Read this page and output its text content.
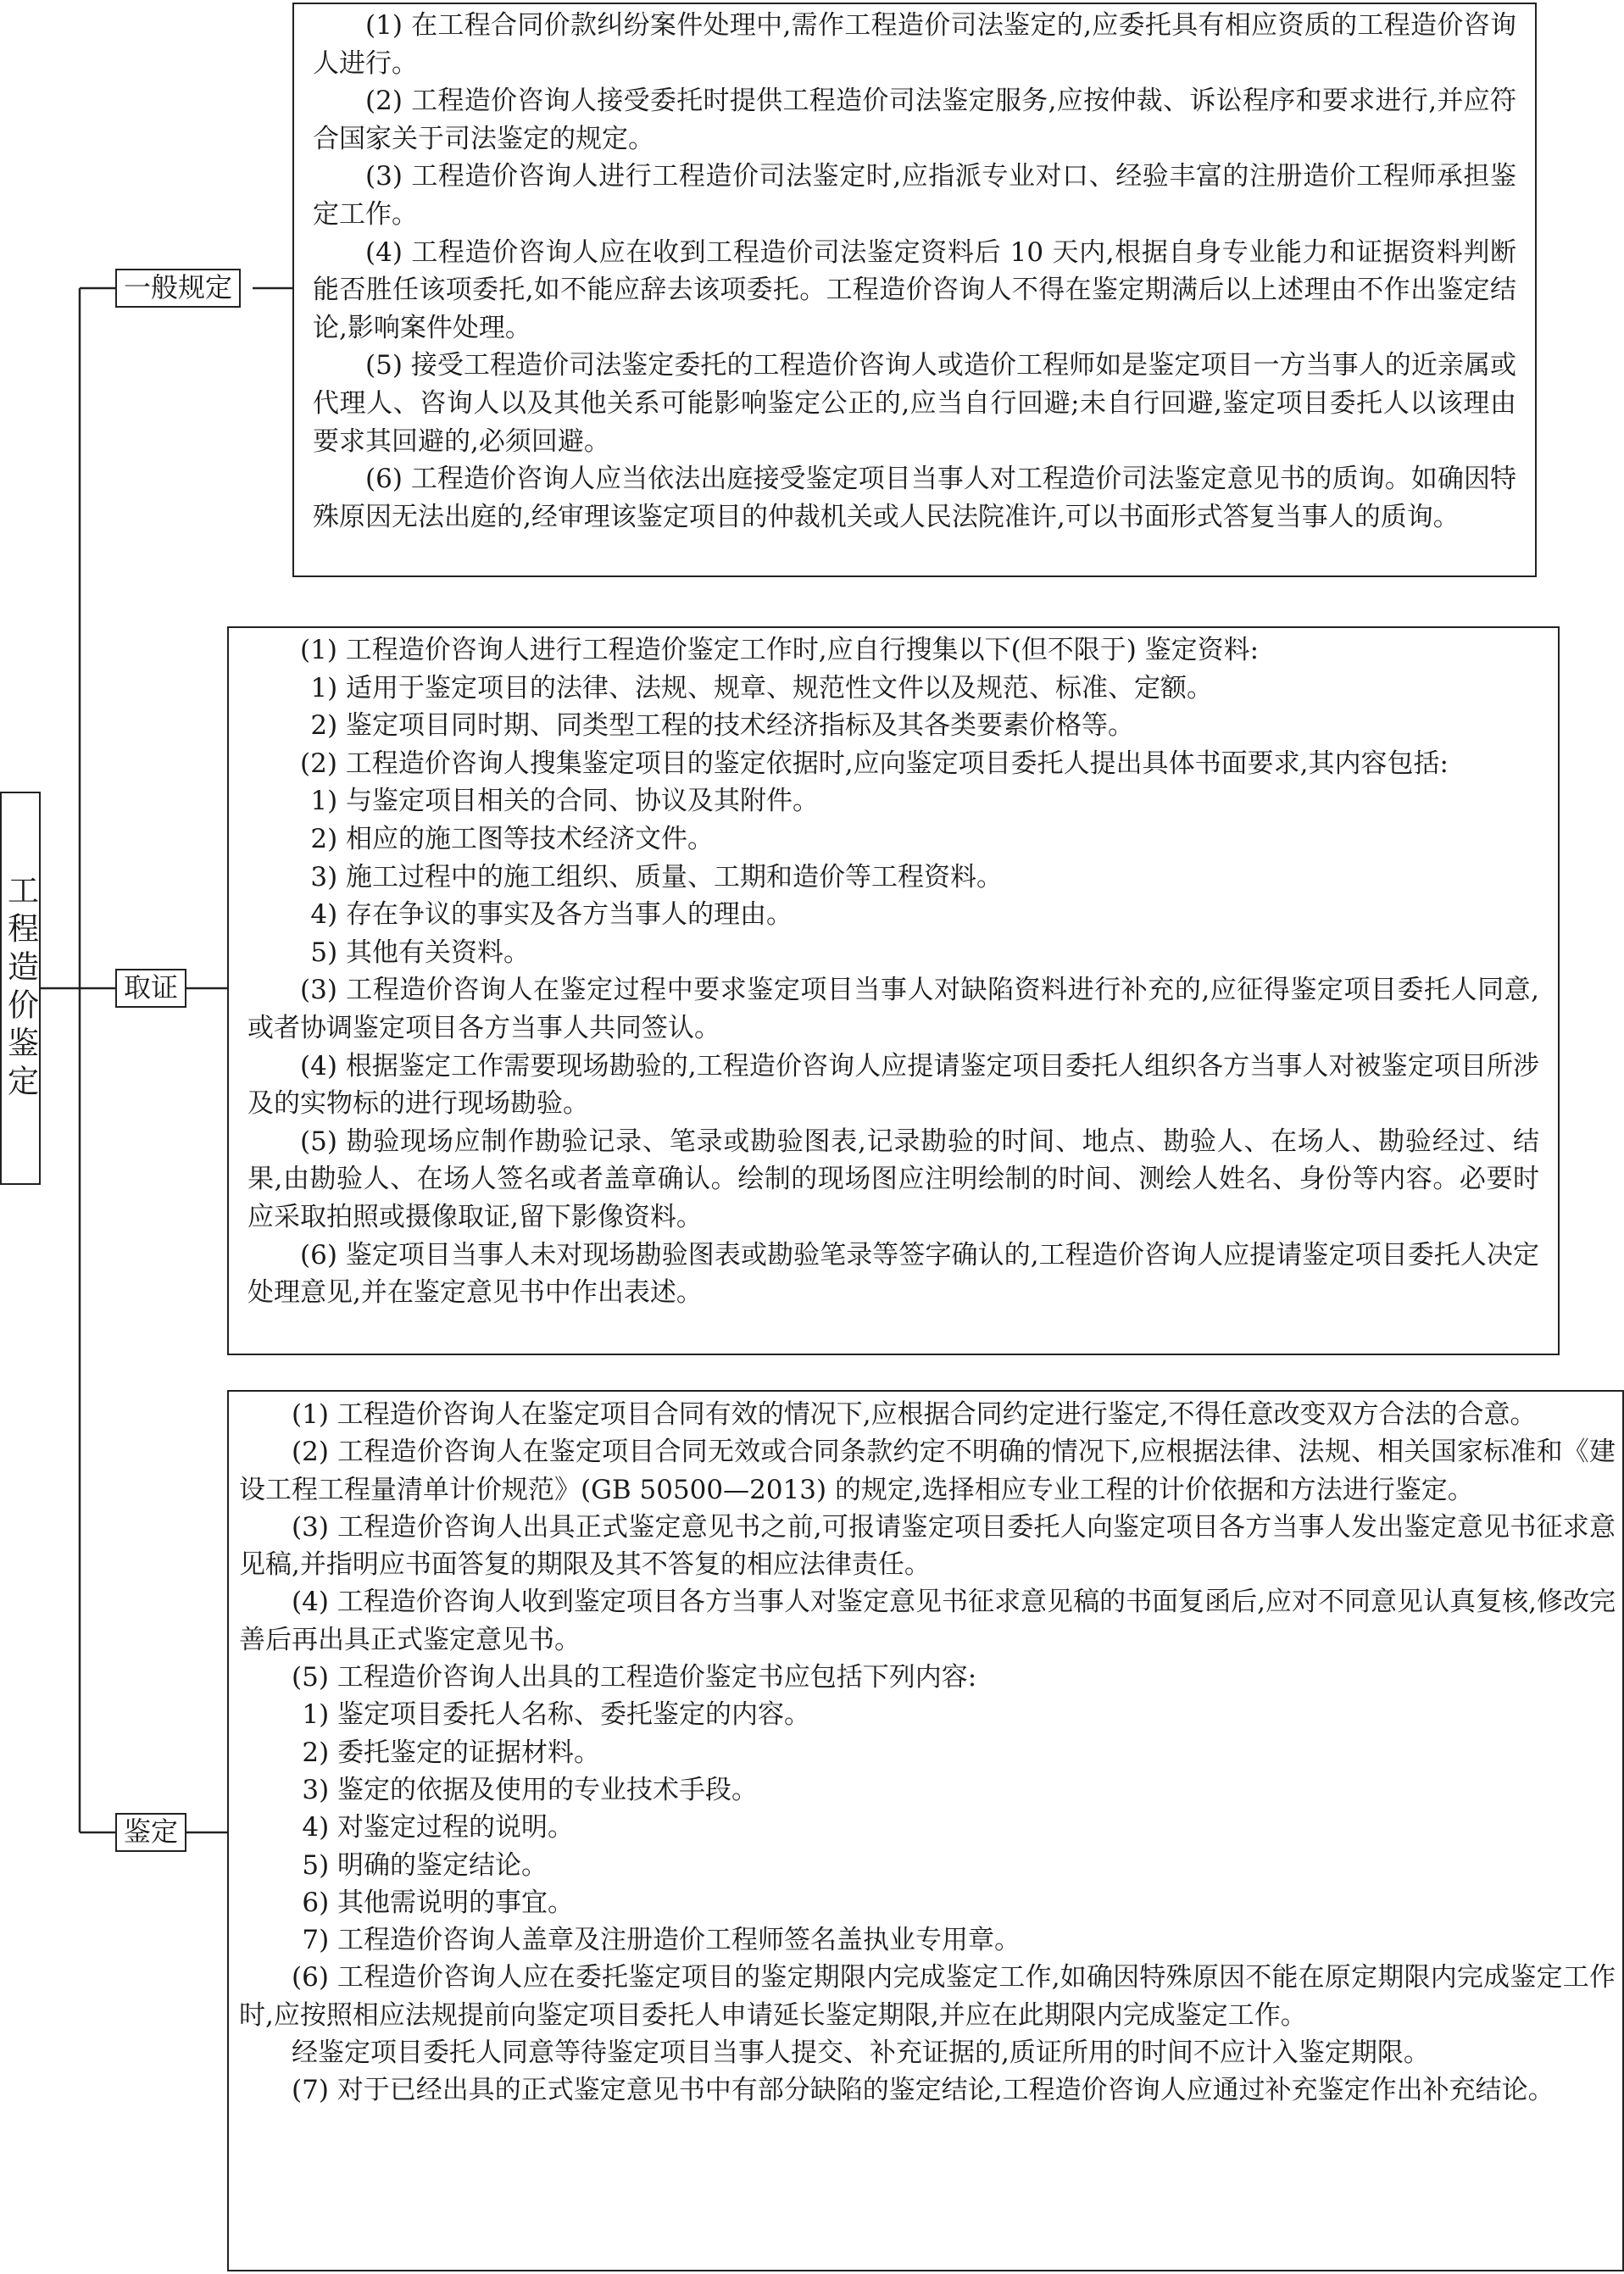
工程造价鉴定
一般规定
取证
鉴定

(1) 在工程合同价款纠纷案件处理中,需作工程造价司法鉴定的,应委托具有相应资质的工程造价咨询人进行。

(2) 工程造价咨询人接受委托时提供工程造价司法鉴定服务,应按仲裁、诉讼程序和要求进行,并应符合国家关于司法鉴定的规定。

(3) 工程造价咨询人进行工程造价司法鉴定时,应指派专业对口、经验丰富的注册造价工程师承担鉴定工作。

(4) 工程造价咨询人应在收到工程造价司法鉴定资料后 10 天内,根据自身专业能力和证据资料判断能否胜任该项委托,如不能应辞去该项委托。工程造价咨询人不得在鉴定期满后以上述理由不作出鉴定结论,影响案件处理。

(5) 接受工程造价司法鉴定委托的工程造价咨询人或造价工程师如是鉴定项目一方当事人的近亲属或代理人、咨询人以及其他关系可能影响鉴定公正的,应当自行回避;未自行回避,鉴定项目委托人以该理由要求其回避的,必须回避。

(6) 工程造价咨询人应当依法出庭接受鉴定项目当事人对工程造价司法鉴定意见书的质询。如确因特殊原因无法出庭的,经审理该鉴定项目的仲裁机关或人民法院准许,可以书面形式答复当事人的质询。

(1) 工程造价咨询人进行工程造价鉴定工作时,应自行搜集以下(但不限于) 鉴定资料:

1) 适用于鉴定项目的法律、法规、规章、规范性文件以及规范、标准、定额。

2) 鉴定项目同时期、同类型工程的技术经济指标及其各类要素价格等。

(2) 工程造价咨询人搜集鉴定项目的鉴定依据时,应向鉴定项目委托人提出具体书面要求,其内容包括:

1) 与鉴定项目相关的合同、协议及其附件。

2) 相应的施工图等技术经济文件。

3) 施工过程中的施工组织、质量、工期和造价等工程资料。

4) 存在争议的事实及各方当事人的理由。

5) 其他有关资料。

(3) 工程造价咨询人在鉴定过程中要求鉴定项目当事人对缺陷资料进行补充的,应征得鉴定项目委托人同意,或者协调鉴定项目各方当事人共同签认。

(4) 根据鉴定工作需要现场勘验的,工程造价咨询人应提请鉴定项目委托人组织各方当事人对被鉴定项目所涉及的实物标的进行现场勘验。

(5) 勘验现场应制作勘验记录、笔录或勘验图表,记录勘验的时间、地点、勘验人、在场人、勘验经过、结果,由勘验人、在场人签名或者盖章确认。绘制的现场图应注明绘制的时间、测绘人姓名、身份等内容。必要时应采取拍照或摄像取证,留下影像资料。

(6) 鉴定项目当事人未对现场勘验图表或勘验笔录等签字确认的,工程造价咨询人应提请鉴定项目委托人决定处理意见,并在鉴定意见书中作出表述。

(1) 工程造价咨询人在鉴定项目合同有效的情况下,应根据合同约定进行鉴定,不得任意改变双方合法的合意。

(2) 工程造价咨询人在鉴定项目合同无效或合同条款约定不明确的情况下,应根据法律、法规、相关国家标准和《建设工程工程量清单计价规范》(GB 50500—2013) 的规定,选择相应专业工程的计价依据和方法进行鉴定。

(3) 工程造价咨询人出具正式鉴定意见书之前,可报请鉴定项目委托人向鉴定项目各方当事人发出鉴定意见书征求意见稿,并指明应书面答复的期限及其不答复的相应法律责任。

(4) 工程造价咨询人收到鉴定项目各方当事人对鉴定意见书征求意见稿的书面复函后,应对不同意见认真复核,修改完善后再出具正式鉴定意见书。

(5) 工程造价咨询人出具的工程造价鉴定书应包括下列内容:

1) 鉴定项目委托人名称、委托鉴定的内容。

2) 委托鉴定的证据材料。

3) 鉴定的依据及使用的专业技术手段。

4) 对鉴定过程的说明。

5) 明确的鉴定结论。

6) 其他需说明的事宜。

7) 工程造价咨询人盖章及注册造价工程师签名盖执业专用章。

(6) 工程造价咨询人应在委托鉴定项目的鉴定期限内完成鉴定工作,如确因特殊原因不能在原定期限内完成鉴定工作时,应按照相应法规提前向鉴定项目委托人申请延长鉴定期限,并应在此期限内完成鉴定工作。

经鉴定项目委托人同意等待鉴定项目当事人提交、补充证据的,质证所用的时间不应计入鉴定期限。

(7) 对于已经出具的正式鉴定意见书中有部分缺陷的鉴定结论,工程造价咨询人应通过补充鉴定作出补充结论。
